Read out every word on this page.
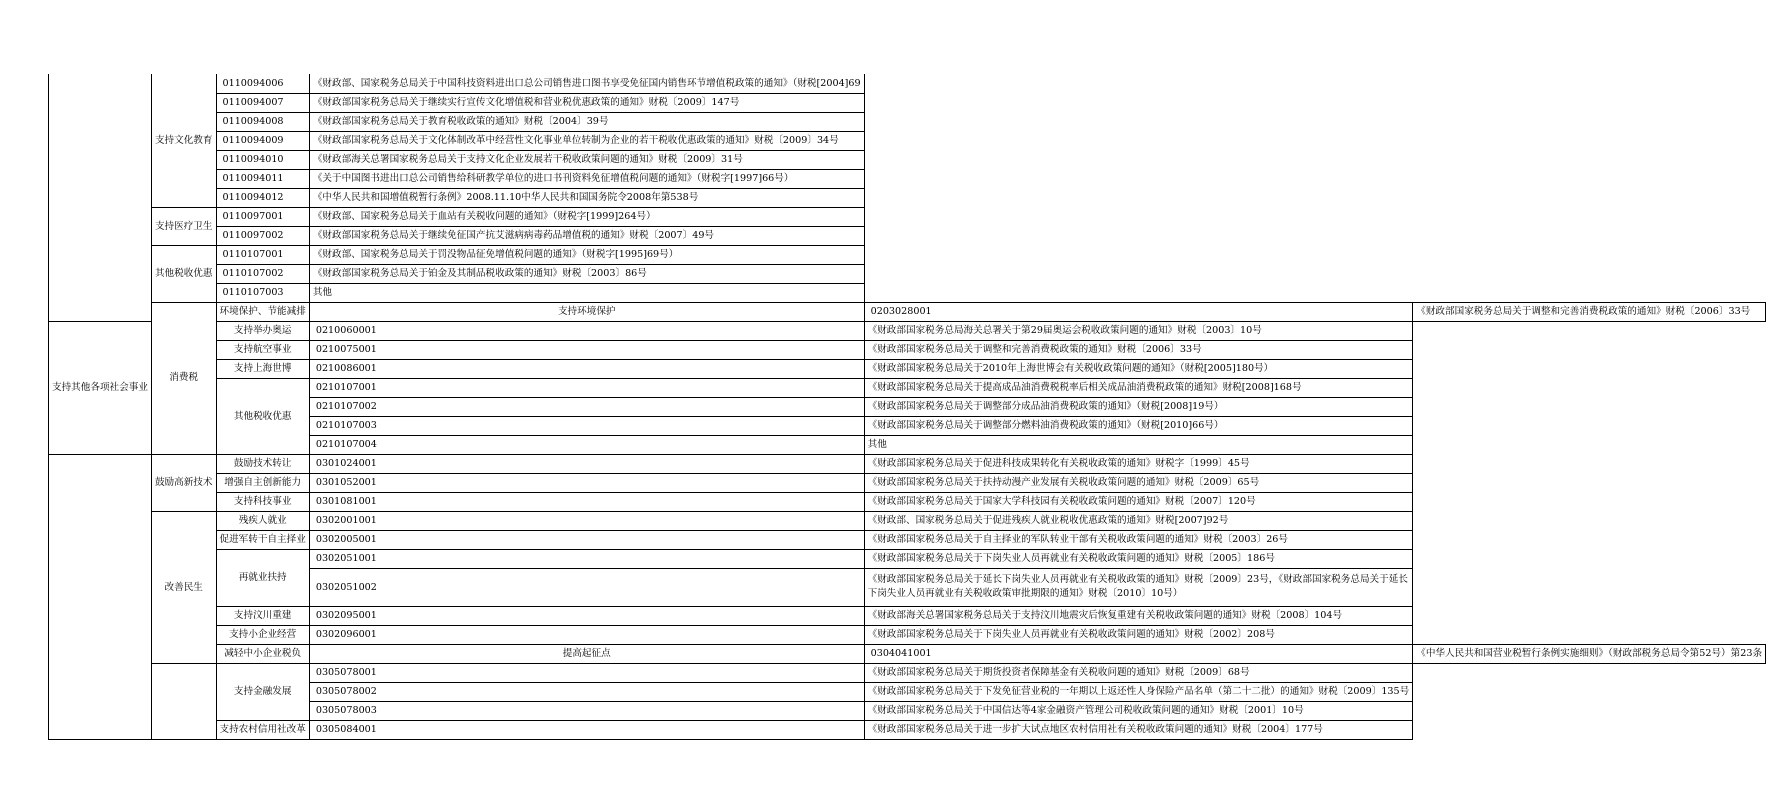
	支持文化教育	0110094006	《财政部、国家税务总局关于中国科技资料进出口总公司销售进口图书享受免征国内销售环节增值税政策的通知》（财税[2004]69		
		0110094007	《财政部国家税务总局关于继续实行宣传文化增值税和营业税优惠政策的通知》财税〔2009〕147号		
		0110094008	《财政部国家税务总局关于教育税收政策的通知》财税〔2004〕39号		
		0110094009	《财政部国家税务总局关于文化体制改革中经营性文化事业单位转制为企业的若干税收优惠政策的通知》财税〔2009〕34号		
		0110094010	《财政部海关总署国家税务总局关于支持文化企业发展若干税收政策问题的通知》财税〔2009〕31号		
		0110094011	《关于中国图书进出口总公司销售给科研教学单位的进口书刊资料免征增值税问题的通知》（财税字[1997]66号）		
		0110094012	《中华人民共和国增值税暂行条例》2008.11.10中华人民共和国国务院令2008年第538号		
	支持医疗卫生	0110097001	《财政部、国家税务总局关于血站有关税收问题的通知》（财税字[1999]264号）		
		0110097002	《财政部国家税务总局关于继续免征国产抗艾滋病病毒药品增值税的通知》财税〔2007〕49号		
	其他税收优惠	0110107001	《财政部、国家税务总局关于罚没物品征免增值税问题的通知》（财税字[1995]69号）		
		0110107002	《财政部国家税务总局关于铂金及其制品税收政策的通知》财税〔2003〕86号		
		0110107003	其他		
	消费税	环境保护、节能减排	支持环境保护	0203028001	《财政部国家税务总局关于调整和完善消费税政策的通知》财税〔2006〕33号
支持其他各项社会事业		支持举办奥运	0210060001	《财政部国家税务总局海关总署关于第29届奥运会税收政策问题的通知》财税〔2003〕10号	
		支持航空事业	0210075001	《财政部国家税务总局关于调整和完善消费税政策的通知》财税〔2006〕33号	
		支持上海世博	0210086001	《财政部国家税务总局关于2010年上海世博会有关税收政策问题的通知》（财税[2005]180号）	
		其他税收优惠	0210107001	《财政部国家税务总局关于提高成品油消费税税率后相关成品油消费税政策的通知》财税[2008]168号	
			0210107002	《财政部国家税务总局关于调整部分成品油消费税政策的通知》（财税[2008]19号）	
			0210107003	《财政部国家税务总局关于调整部分燃料油消费税政策的通知》（财税[2010]66号）	
			0210107004	其他	
	鼓励高新技术	鼓励技术转让	0301024001	《财政部国家税务总局关于促进科技成果转化有关税收政策的通知》财税字〔1999〕45号	
		增强自主创新能力	0301052001	《财政部国家税务总局关于扶持动漫产业发展有关税收政策问题的通知》财税〔2009〕65号	
		支持科技事业	0301081001	《财政部国家税务总局关于国家大学科技园有关税收政策问题的通知》财税〔2007〕120号	
	改善民生	残疾人就业	0302001001	《财政部、国家税务总局关于促进残疾人就业税收优惠政策的通知》财税[2007]92号	
		促进军转干自主择业	0302005001	《财政部国家税务总局关于自主择业的军队转业干部有关税收政策问题的通知》财税〔2003〕26号	
		再就业扶持	0302051001	《财政部国家税务总局关于下岗失业人员再就业有关税收政策问题的通知》财税〔2005〕186号	
			0302051002	《财政部国家税务总局关于延长下岗失业人员再就业有关税收政策的通知》财税〔2009〕23号，《财政部国家税务总局关于延长下岗失业人员再就业有关税收政策审批期限的通知》财税〔2010〕10号）	
		支持汶川重建	0302095001	《财政部海关总署国家税务总局关于支持汶川地震灾后恢复重建有关税收政策问题的通知》财税〔2008〕104号	
		支持小企业经营	0302096001	《财政部国家税务总局关于下岗失业人员再就业有关税收政策问题的通知》财税〔2002〕208号	
		减轻中小企业税负	提高起征点	0304041001	《中华人民共和国营业税暂行条例实施细则》（财政部税务总局令第52号）第23条
		支持金融发展	0305078001	《财政部国家税务总局关于期货投资者保障基金有关税收问题的通知》财税〔2009〕68号	
			0305078002	《财政部国家税务总局关于下发免征营业税的一年期以上返还性人身保险产品名单（第二十二批）的通知》财税〔2009〕135号	
			0305078003	《财政部国家税务总局关于中国信达等4家金融资产管理公司税收政策问题的通知》财税〔2001〕10号	
		支持农村信用社改革	0305084001	《财政部国家税务总局关于进一步扩大试点地区农村信用社有关税收政策问题的通知》财税〔2004〕177号	
